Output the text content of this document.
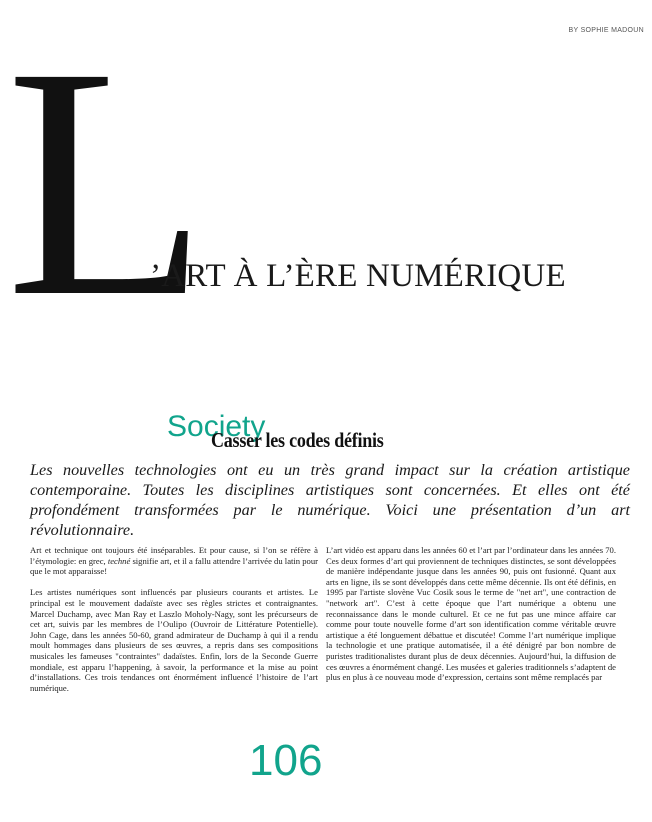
BY SOPHIE MADOUN
L
’ART À L’ÈRE NUMÉRIQUE
Society
Casser les codes définis

Les nouvelles technologies ont eu un très grand impact sur la création artistique contemporaine. Toutes les disciplines artistiques sont concernées. Et elles ont été profondément transformées par le numérique. Voici une présentation d’un art révolutionnaire.

Art et technique ont toujours été inséparables. Et pour cause, si l’on se réfère à l’étymologie: en grec, techné signifie art, et il a fallu attendre l’arrivée du latin pour que le mot apparaisse!

Les artistes numériques sont influencés par plusieurs courants et artistes. Le principal est le mouvement dadaïste avec ses règles strictes et contraignantes. Marcel Duchamp, avec Man Ray et Laszlo Moholy-Nagy, sont les précurseurs de cet art, suivis par les membres de l’Oulipo (Ouvroir de Littérature Potentielle). John Cage, dans les années 50-60, grand admirateur de Duchamp à qui il a rendu moult hommages dans plusieurs de ses œuvres, a repris dans ses compositions musicales les fameuses "contraintes" dadaïstes. Enfin, lors de la Seconde Guerre mondiale, est apparu l’happening, à savoir, la performance et la mise au point d’installations. Ces trois tendances ont énormément influencé l’histoire de l’art numérique.

L’art vidéo est apparu dans les années 60 et l’art par l’ordinateur dans les années 70. Ces deux formes d’art qui proviennent de techniques distinctes, se sont développées de manière indépendante jusque dans les années 90, puis ont fusionné. Quant aux arts en ligne, ils se sont développés dans cette même décennie. Ils ont été définis, en 1995 par l'artiste slovène Vuc Cosik sous le terme de "net art", une contraction de "network art". C’est à cette époque que l’art numérique a obtenu une reconnaissance dans le monde culturel. Et ce ne fut pas une mince affaire car comme pour toute nouvelle forme d’art son identification comme véritable œuvre artistique a été longuement débattue et discutée! Comme l’art numérique implique la technologie et une pratique automatisée, il a été dénigré par bon nombre de puristes traditionalistes durant plus de deux décennies. Aujourd’hui, la diffusion de ces œuvres a énormément changé. Les musées et galeries traditionnels s’adaptent de plus en plus à ce nouveau mode d’expression, certains sont même remplacés par

106
